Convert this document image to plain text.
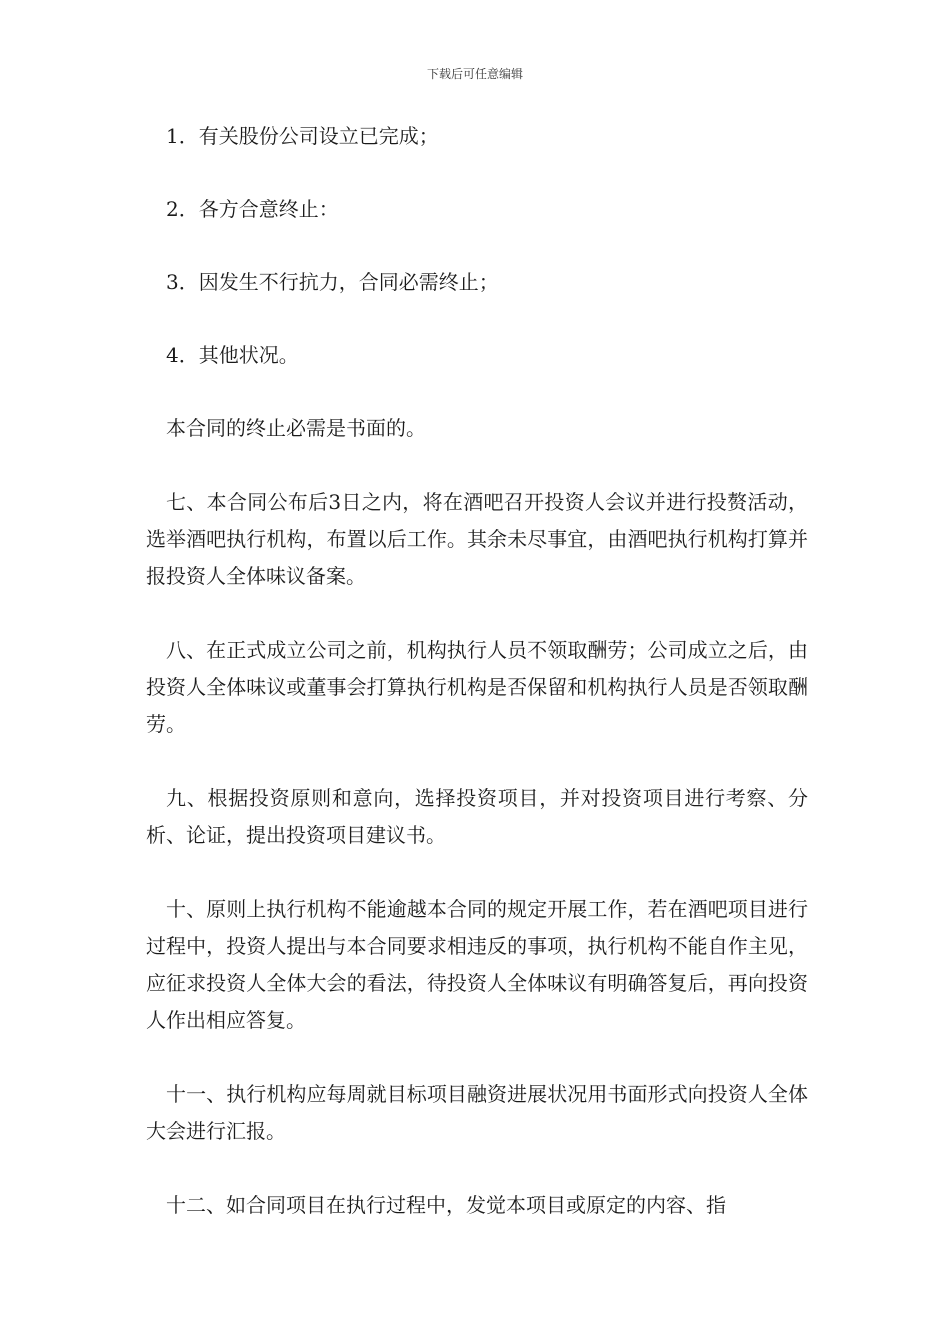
下载后可任意编辑
1．有关股份公司设立已完成；
2．各方合意终止：
3．因发生不行抗力，合同必需终止；
4．其他状况。

本合同的终止必需是书面的。

七、本合同公布后3日之内，将在酒吧召开投资人会议并进行投赘活动，选举酒吧执行机构，布置以后工作。其余未尽事宜，由酒吧执行机构打算并报投资人全体味议备案。

八、在正式成立公司之前，机构执行人员不领取酬劳；公司成立之后，由投资人全体味议或董事会打算执行机构是否保留和机构执行人员是否领取酬劳。

九、根据投资原则和意向，选择投资项目，并对投资项目进行考察、分析、论证，提出投资项目建议书。

十、原则上执行机构不能逾越本合同的规定开展工作，若在酒吧项目进行过程中，投资人提出与本合同要求相违反的事项，执行机构不能自作主见，应征求投资人全体大会的看法，待投资人全体味议有明确答复后，再向投资人作出相应答复。

十一、执行机构应每周就目标项目融资进展状况用书面形式向投资人全体大会进行汇报。

十二、如合同项目在执行过程中，发觉本项目或原定的内容、指
